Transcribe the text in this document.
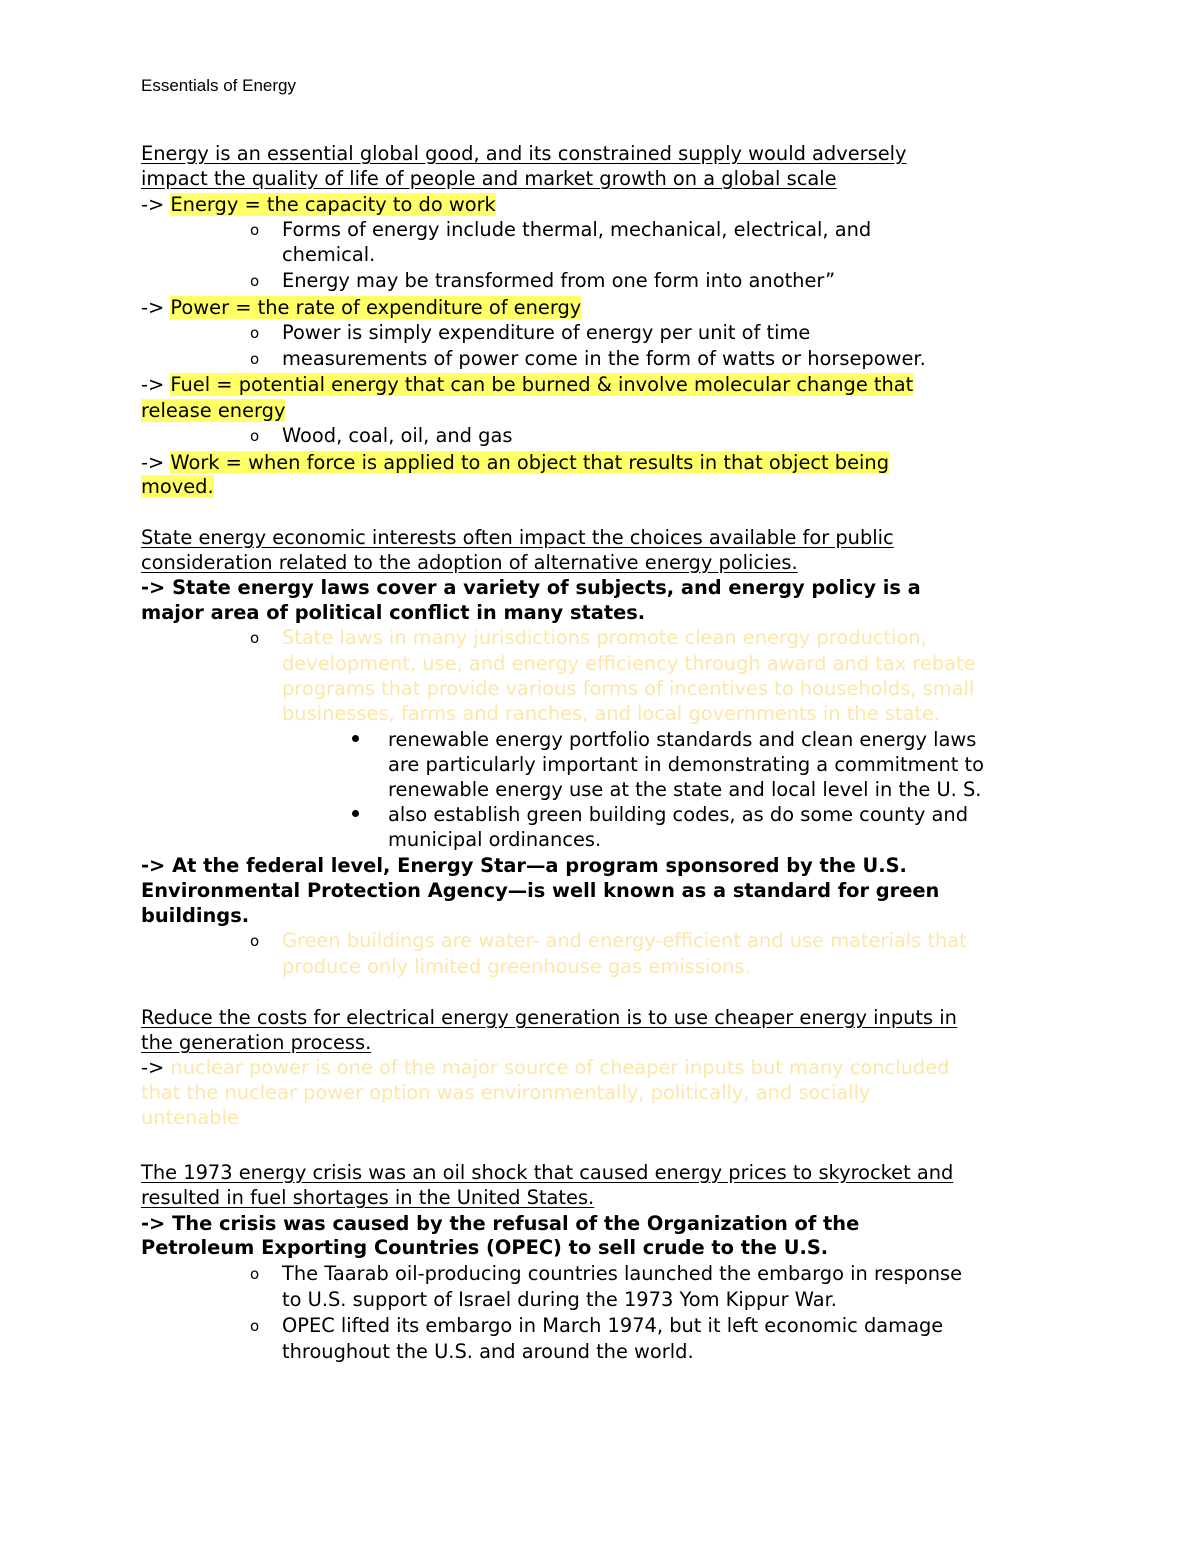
Essentials of Energy
Energy is an essential global good, and its constrained supply would adversely
impact the quality of life of people and market growth on a global scale
-> Energy = the capacity to do work
o Forms of energy include thermal, mechanical, electrical, and
chemical.
o Energy may be transformed from one form into another”
-> Power = the rate of expenditure of energy
o Power is simply expenditure of energy per unit of time
o measurements of power come in the form of watts or horsepower.
-> Fuel = potential energy that can be burned & involve molecular change that
release energy
o Wood, coal, oil, and gas
-> Work = when force is applied to an object that results in that object being
moved.
State energy economic interests often impact the choices available for public
consideration related to the adoption of alternative energy policies.
-> State energy laws cover a variety of subjects, and energy policy is a
major area of political conflict in many states.
o State laws in many jurisdictions promote clean energy production,
development, use, and energy efficiency through award and tax rebate
programs that provide various forms of incentives to households, small
businesses, farms and ranches, and local governments in the state.
renewable energy portfolio standards and clean energy laws
are particularly important in demonstrating a commitment to
renewable energy use at the state and local level in the U. S.
also establish green building codes, as do some county and
municipal ordinances.
-> At the federal level, Energy Star—a program sponsored by the U.S.
Environmental Protection Agency—is well known as a standard for green
buildings.
o Green buildings are water- and energy-efficient and use materials that
produce only limited greenhouse gas emissions.
Reduce the costs for electrical energy generation is to use cheaper energy inputs in
the generation process.
-> nuclear power is one of the major source of cheaper inputs but many concluded
that the nuclear power option was environmentally, politically, and socially
untenable
The 1973 energy crisis was an oil shock that caused energy prices to skyrocket and
resulted in fuel shortages in the United States.
-> The crisis was caused by the refusal of the Organization of the
Petroleum Exporting Countries (OPEC) to sell crude to the U.S.
o The Taarab oil-producing countries launched the embargo in response
to U.S. support of Israel during the 1973 Yom Kippur War.
o OPEC lifted its embargo in March 1974, but it left economic damage
throughout the U.S. and around the world.
